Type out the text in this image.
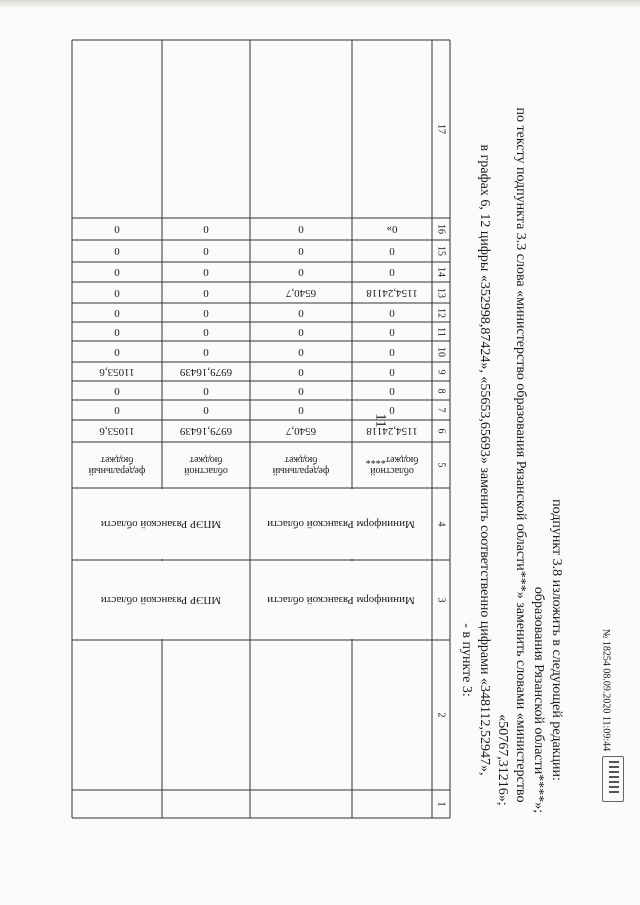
11
17
16
15
14
13
12
11
10
9
8
7
6
5
4
3
2
1
1154,24118
0
0
0
0
0
0
1154,24118
0
0
0»
областной
бюджет****
Мининформ Рязанской области
Mининформ Рязанской области
6540,7
0
0
0
0
0
0
6540,7
0
0
0
федеральный
бюджет
6979,16439
0
0
6979,16439
0
0
0
0
0
0
0
областной
бюджет
МПЭР Рязанской области
МПЭР Рязанской области
11053,6
0
0
11053,6
0
0
0
0
0
0
0
федеральный
бюджет
- в пункте 3: в графах 6, 12 цифры «352998,87424», «55653,65693» заменить соответственно цифрами «348112,52947», «50767,31216»; по тексту подпункта 3.3 слова «министерство образования Рязанской области***» заменить словами «министерство образования Рязанской области****»; подпункт 3.8 изложить в следующей редакции:	№ 18254 08.09.2020 11:09:44
